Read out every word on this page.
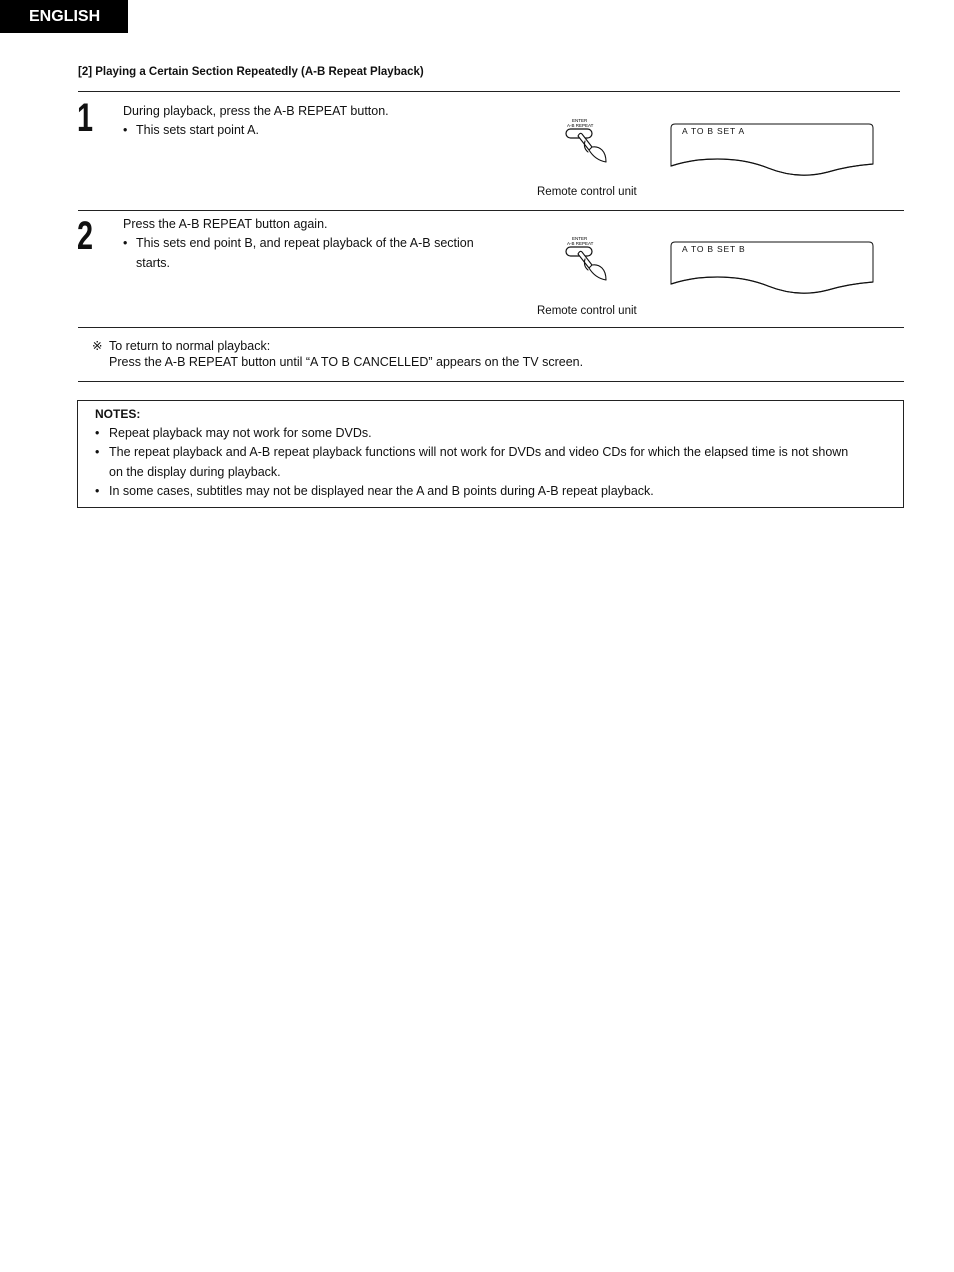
ENGLISH
[2] Playing a Certain Section Repeatedly (A-B Repeat Playback)
1 During playback, press the A-B REPEAT button.
• This sets start point A.
ENTER
A-B REPEAT
A TO B SET A
Remote control unit
2 Press the A-B REPEAT button again.
• This sets end point B, and repeat playback of the A-B section
starts.
ENTER
A-B REPEAT
A TO B SET B
Remote control unit
※ To return to normal playback:
Press the A-B REPEAT button until “A TO B CANCELLED” appears on the TV screen.
NOTES:
• Repeat playback may not work for some DVDs.
• The repeat playback and A-B repeat playback functions will not work for DVDs and video CDs for which the elapsed time is not shown
on the display during playback.
• In some cases, subtitles may not be displayed near the A and B points during A-B repeat playback.
